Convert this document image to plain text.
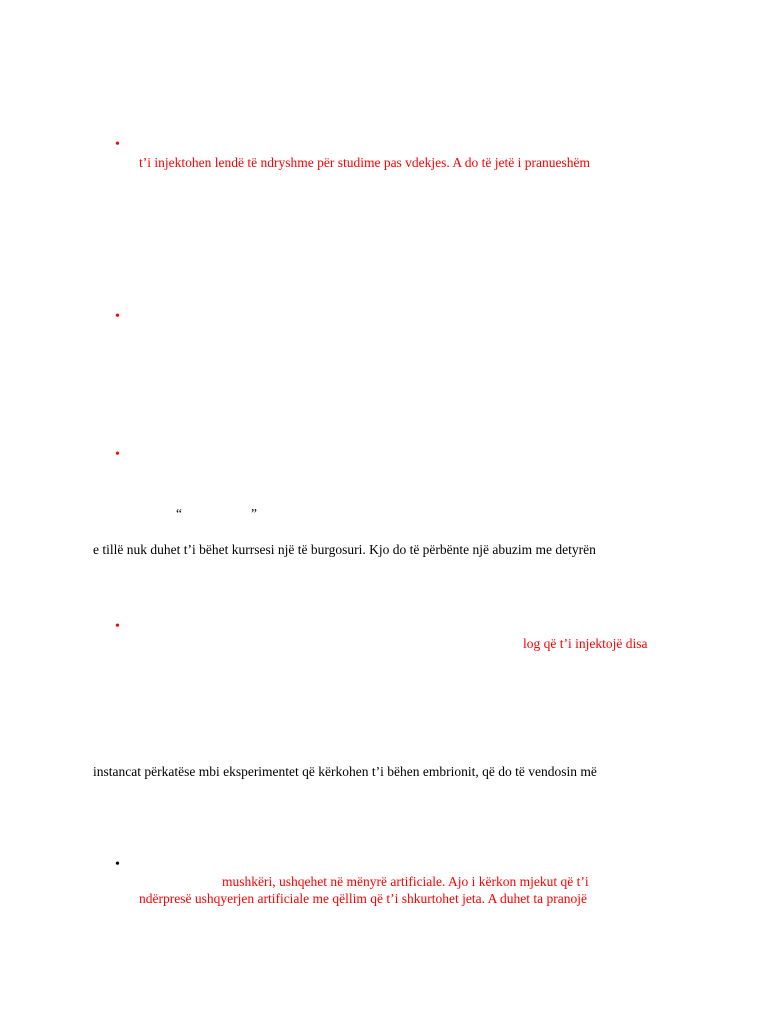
•
t’i injektohen lendë të ndryshme për studime pas vdekjes. A do të jetë i pranueshëm
•
•
“	”
e tillë nuk duhet t’i bëhet kurrsesi një të burgosuri. Kjo do të përbënte një abuzim me detyrën
•
log që t’i injektojë disa
instancat përkatëse mbi eksperimentet që kërkohen t’i bëhen embrionit, që do të vendosin më
•
mushkëri, ushqehet në mënyrë artificiale. Ajo i kërkon mjekut që t’i
ndërpresë ushqyerjen artificiale me qëllim që t’i shkurtohet jeta. A duhet ta pranojë
